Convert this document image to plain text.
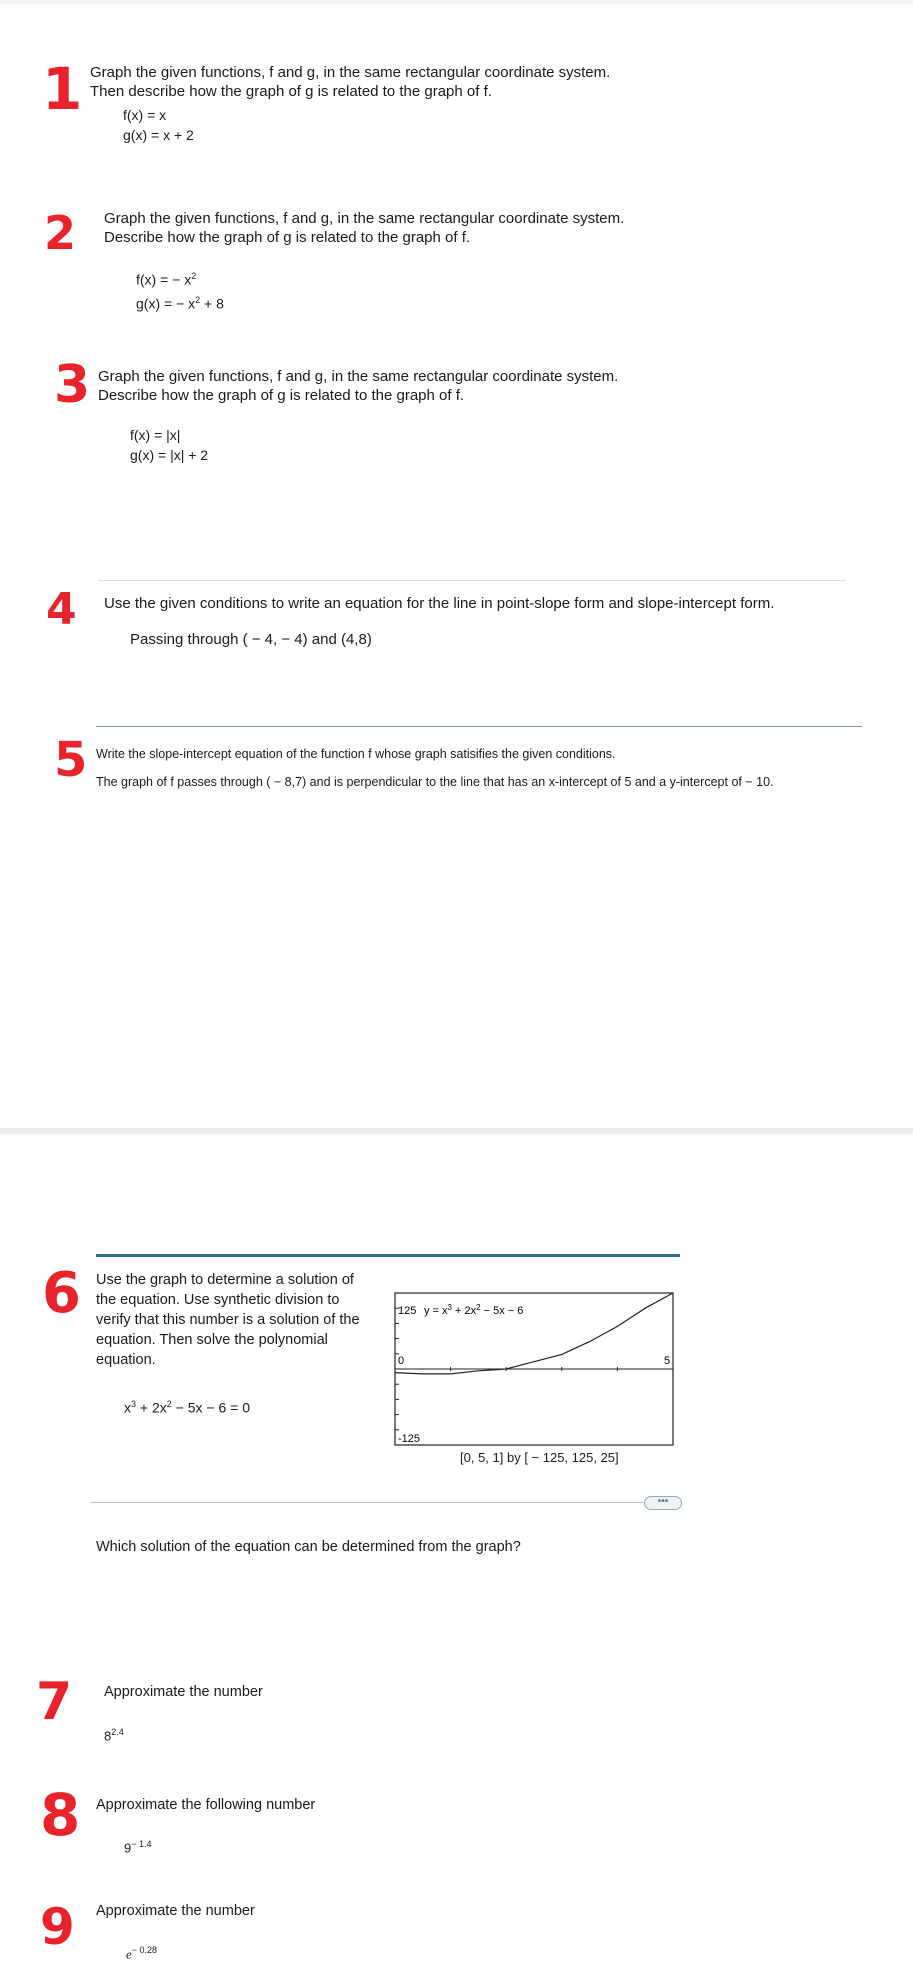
1 Graph the given functions, f and g, in the same rectangular coordinate system.
Then describe how the graph of g is related to the graph of f.
f(x) = x
g(x) = x + 2
2 Graph the given functions, f and g, in the same rectangular coordinate system.
Describe how the graph of g is related to the graph of f.
f(x) = − $x^2$
g(x) = − $x^2 + 8$
3 Graph the given functions, f and g, in the same rectangular coordinate system.
Describe how the graph of g is related to the graph of f.
f(x) = |x|
g(x) = |x| + 2
4 Use the given conditions to write an equation for the line in point-slope form and slope-intercept form.
Passing through ( − 4, − 4) and (4,8)
5 Write the slope-intercept equation of the function f whose graph satisifies the given conditions.
The graph of f passes through ( − 8,7) and is perpendicular to the line that has an x-intercept of 5 and a y-intercept of − 10.
6 Use the graph to determine a solution of
the equation. Use synthetic division to
verify that this number is a solution of the
equation. Then solve the polynomial
equation.
$x^3 + 2x^2 - 5x - 6 = 0$
125
-125
0	5
$y = x^3 + 2x^2 - 5x - 6$
[0, 5, 1] by [ − 125, 125, 25]
•••
Which solution of the equation can be determined from the graph?
7 Approximate the number
$8^{2.4}$
8 Approximate the following number
$9^{- 1.4}$
9 Approximate the number
$e^{- 0.28}$
